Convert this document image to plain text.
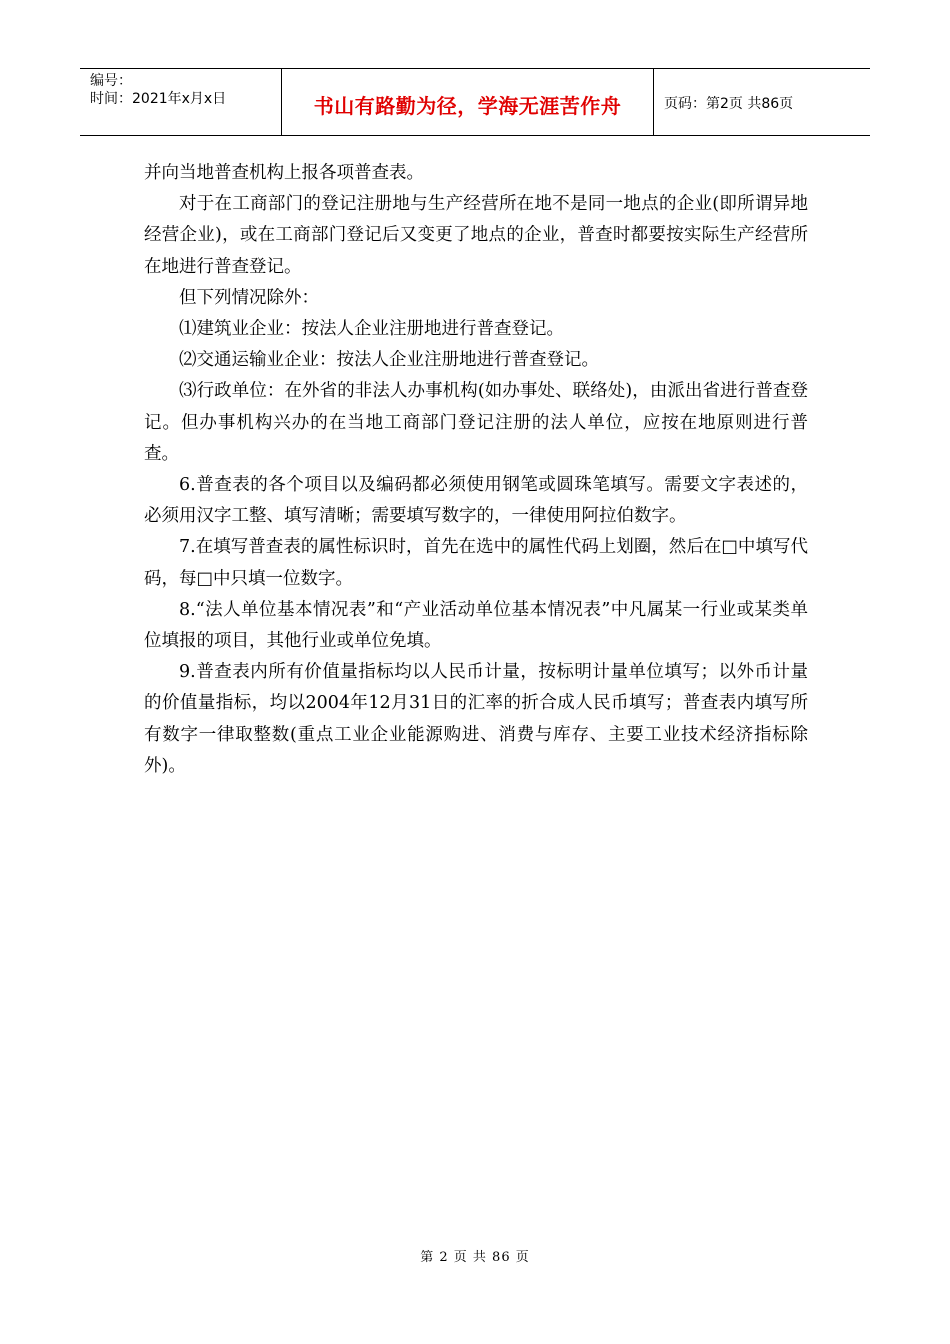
编号：
时间：2021年x月x日	书山有路勤为径，学海无涯苦作舟	页码：第2页 共86页

并向当地普查机构上报各项普查表。

对于在工商部门的登记注册地与生产经营所在地不是同一地点的企业(即所谓异地经营企业)，或在工商部门登记后又变更了地点的企业，普查时都要按实际生产经营所在地进行普查登记。

但下列情况除外：

⑴建筑业企业：按法人企业注册地进行普查登记。

⑵交通运输业企业：按法人企业注册地进行普查登记。

⑶行政单位：在外省的非法人办事机构(如办事处、联络处)，由派出省进行普查登记。但办事机构兴办的在当地工商部门登记注册的法人单位，应按在地原则进行普查。

6.普查表的各个项目以及编码都必须使用钢笔或圆珠笔填写。需要文字表述的，必须用汉字工整、填写清晰；需要填写数字的，一律使用阿拉伯数字。

7.在填写普查表的属性标识时，首先在选中的属性代码上划圈，然后在□中填写代码，每□中只填一位数字。

8.“法人单位基本情况表”和“产业活动单位基本情况表”中凡属某一行业或某类单位填报的项目，其他行业或单位免填。

9.普查表内所有价值量指标均以人民币计量，按标明计量单位填写；以外币计量的价值量指标，均以2004年12月31日的汇率的折合成人民币填写；普查表内填写所有数字一律取整数(重点工业企业能源购进、消费与库存、主要工业技术经济指标除外)。

第 2 页 共 86 页
